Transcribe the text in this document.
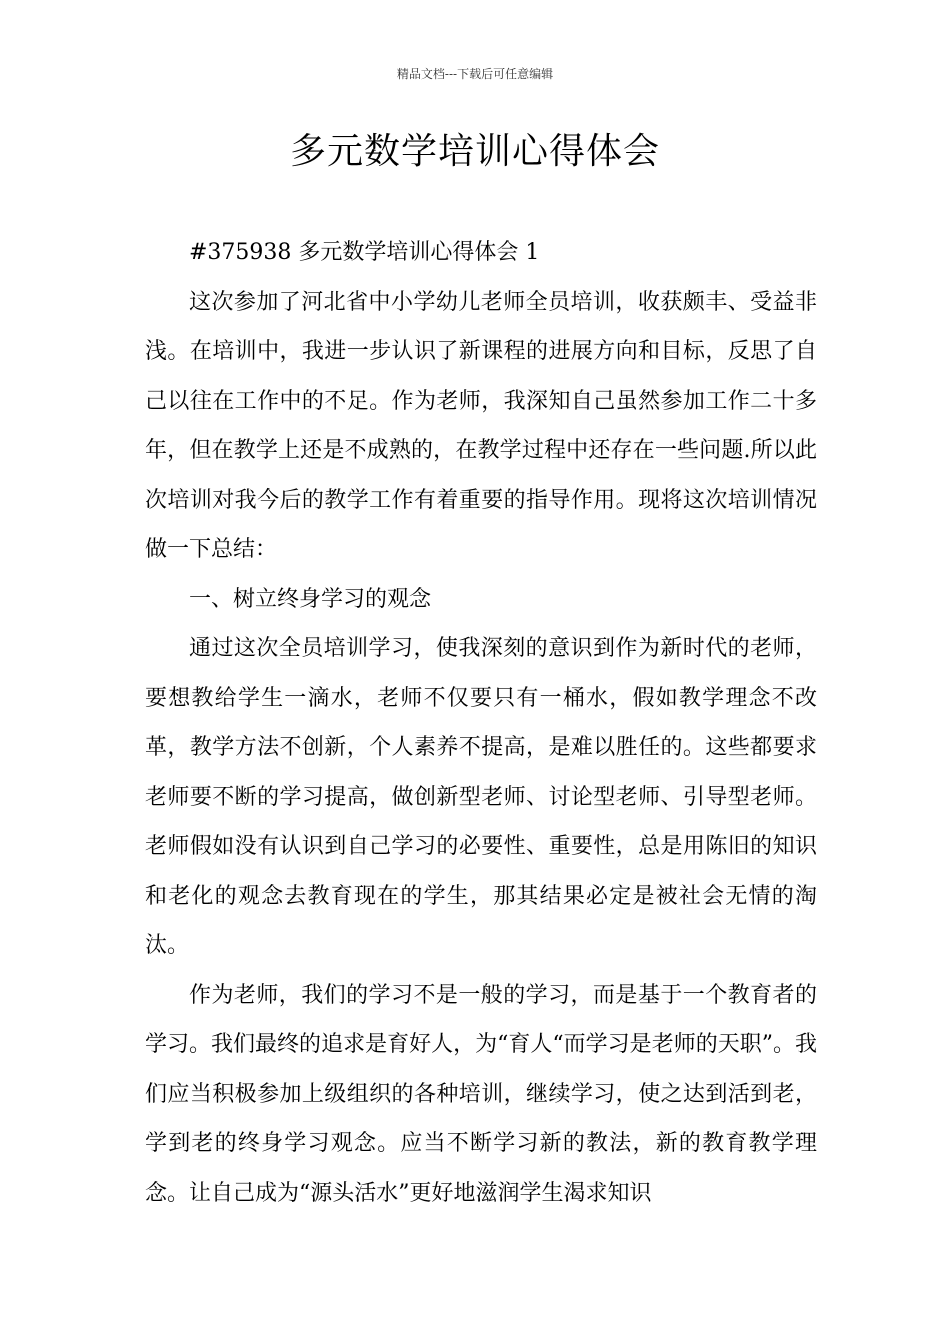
精品文档---下载后可任意编辑
多元数学培训心得体会

#375938 多元数学培训心得体会 1

这次参加了河北省中小学幼儿老师全员培训，收获颇丰、受益非浅。在培训中，我进一步认识了新课程的进展方向和目标，反思了自己以往在工作中的不足。作为老师，我深知自己虽然参加工作二十多年，但在教学上还是不成熟的，在教学过程中还存在一些问题.所以此次培训对我今后的教学工作有着重要的指导作用。现将这次培训情况做一下总结：

一、树立终身学习的观念

通过这次全员培训学习，使我深刻的意识到作为新时代的老师，要想教给学生一滴水，老师不仅要只有一桶水，假如教学理念不改革，教学方法不创新，个人素养不提高，是难以胜任的。这些都要求老师要不断的学习提高，做创新型老师、讨论型老师、引导型老师。老师假如没有认识到自己学习的必要性、重要性，总是用陈旧的知识和老化的观念去教育现在的学生，那其结果必定是被社会无情的淘汰。

作为老师，我们的学习不是一般的学习，而是基于一个教育者的学习。我们最终的追求是育好人，为“育人“而学习是老师的天职”。我们应当积极参加上级组织的各种培训，继续学习，使之达到活到老，学到老的终身学习观念。应当不断学习新的教法，新的教育教学理念。让自己成为“源头活水”更好地滋润学生渴求知识
